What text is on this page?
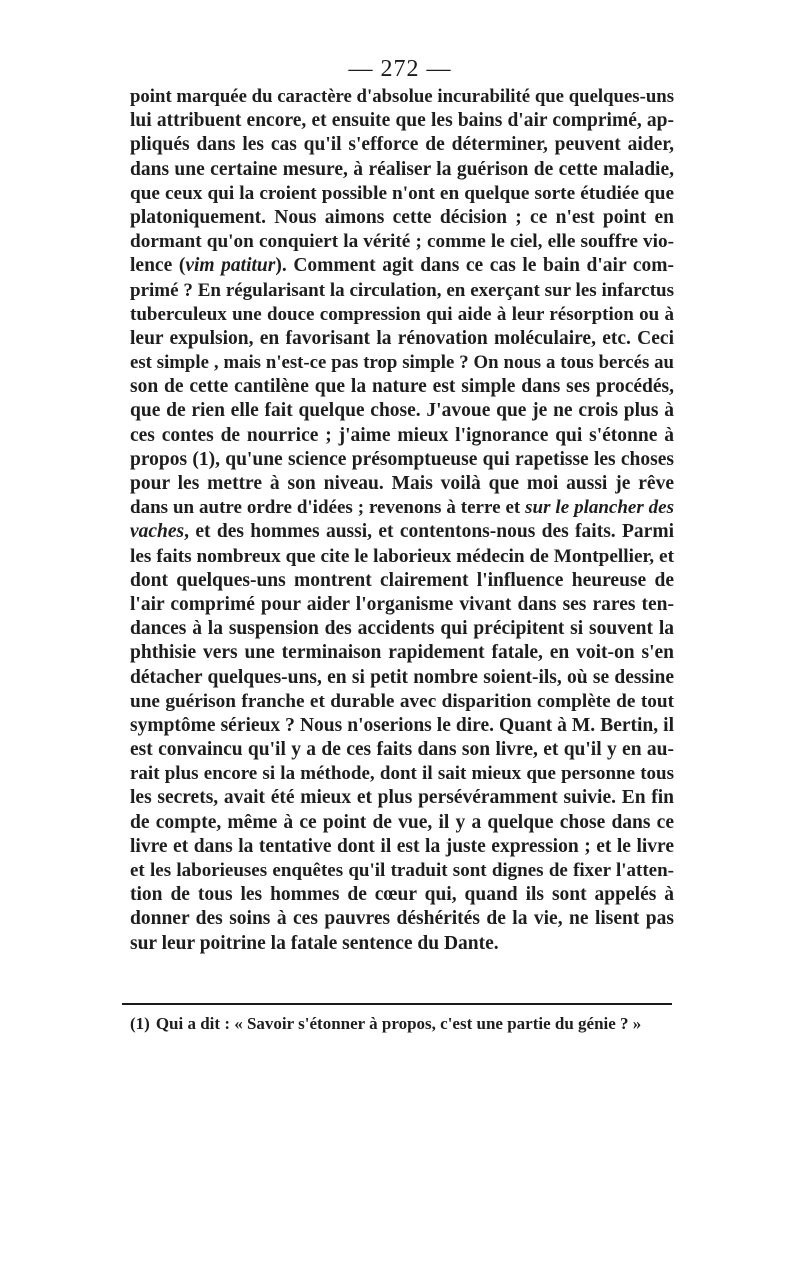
— 272 —
point marquée du caractère d'absolue incurabilité que quelques-uns
lui attribuent encore, et ensuite que les bains d'air comprimé, ap-
pliqués dans les cas qu'il s'efforce de déterminer, peuvent aider,
dans une certaine mesure, à réaliser la guérison de cette maladie,
que ceux qui la croient possible n'ont en quelque sorte étudiée que
platoniquement. Nous aimons cette décision ; ce n'est point en
dormant qu'on conquiert la vérité ; comme le ciel, elle souffre vio-
lence (vim patitur). Comment agit dans ce cas le bain d'air com-
primé ? En régularisant la circulation, en exerçant sur les infarctus
tuberculeux une douce compression qui aide à leur résorption ou à
leur expulsion, en favorisant la rénovation moléculaire, etc. Ceci
est simple , mais n'est-ce pas trop simple ? On nous a tous bercés au
son de cette cantilène que la nature est simple dans ses procédés,
que de rien elle fait quelque chose. J'avoue que je ne crois plus à
ces contes de nourrice ; j'aime mieux l'ignorance qui s'étonne à
propos (1), qu'une science présomptueuse qui rapetisse les choses
pour les mettre à son niveau. Mais voilà que moi aussi je rêve
dans un autre ordre d'idées ; revenons à terre et sur le plancher des
vaches, et des hommes aussi, et contentons-nous des faits. Parmi
les faits nombreux que cite le laborieux médecin de Montpellier, et
dont quelques-uns montrent clairement l'influence heureuse de
l'air comprimé pour aider l'organisme vivant dans ses rares ten-
dances à la suspension des accidents qui précipitent si souvent la
phthisie vers une terminaison rapidement fatale, en voit-on s'en
détacher quelques-uns, en si petit nombre soient-ils, où se dessine
une guérison franche et durable avec disparition complète de tout
symptôme sérieux ? Nous n'oserions le dire. Quant à M. Bertin, il
est convaincu qu'il y a de ces faits dans son livre, et qu'il y en au-
rait plus encore si la méthode, dont il sait mieux que personne tous
les secrets, avait été mieux et plus persévéramment suivie. En fin
de compte, même à ce point de vue, il y a quelque chose dans ce
livre et dans la tentative dont il est la juste expression ; et le livre
et les laborieuses enquêtes qu'il traduit sont dignes de fixer l'atten-
tion de tous les hommes de cœur qui, quand ils sont appelés à
donner des soins à ces pauvres déshérités de la vie, ne lisent pas
sur leur poitrine la fatale sentence du Dante.
(1) Qui a dit : « Savoir s'étonner à propos, c'est une partie du génie ? »
